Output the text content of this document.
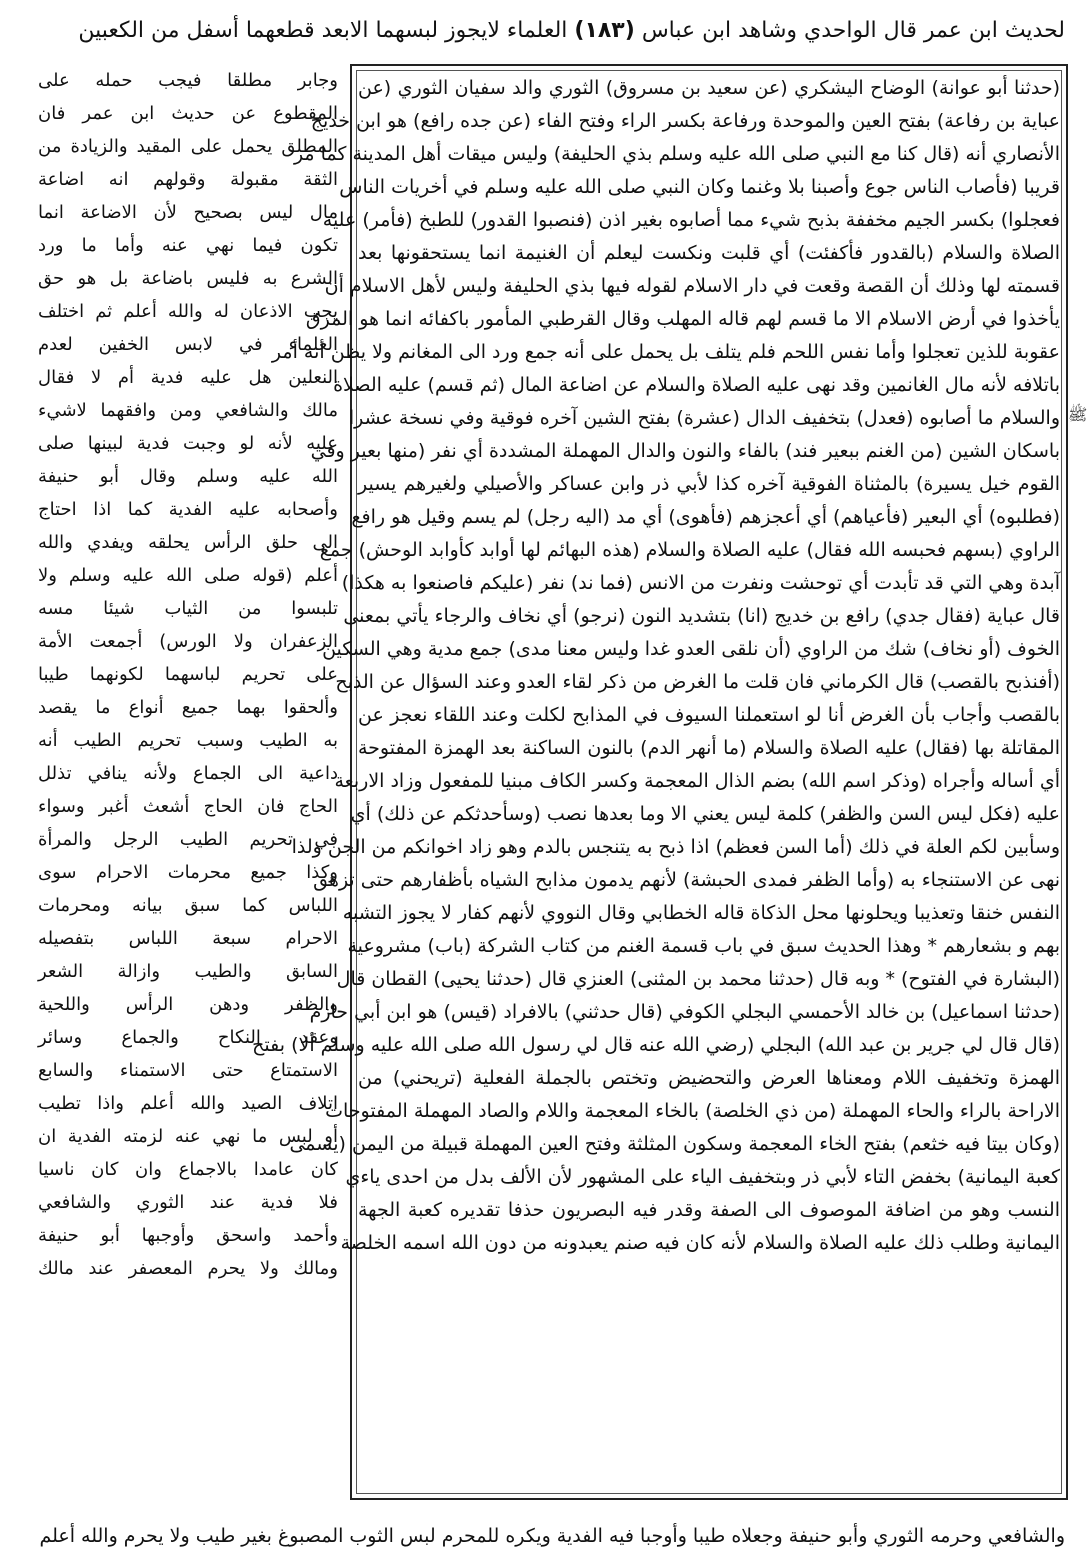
لحديث ابن عمر قال الواحدي وشاهد ابن عباس (١٨٣) العلماء لايجوز لبسهما الابعد قطعهما أسفل من الكعبين
(حدثنا أبو عوانة) الوضاح اليشكري (عن سعيد بن مسروق) الثوري والد سفيان الثوري (عن
عباية بن رفاعة) بفتح العين والموحدة ورفاعة بكسر الراء وفتح الفاء (عن جده رافع) هو ابن خديج
الأنصاري أنه (قال كنا مع النبي صلى الله عليه وسلم بذي الحليفة) وليس ميقات أهل المدينة كما مر
قريبا (فأصاب الناس جوع وأصبنا بلا وغنما وكان النبي صلى الله عليه وسلم في أخريات الناس
فعجلوا) بكسر الجيم مخففة بذبح شيء مما أصابوه بغير اذن (فنصبوا القدور) للطبخ (فأمر) عليه
الصلاة والسلام (بالقدور فأكفئت) أي قلبت ونكست ليعلم أن الغنيمة انما يستحقونها بعد
قسمته لها وذلك أن القصة وقعت في دار الاسلام لقوله فيها بذي الحليفة وليس لأهل الاسلام أن
يأخذوا في أرض الاسلام الا ما قسم لهم قاله المهلب وقال القرطبي المأمور باكفائه انما هو المرق
عقوبة للذين تعجلوا وأما نفس اللحم فلم يتلف بل يحمل على أنه جمع ورد الى المغانم ولا يظن أنه أمر
باتلافه لأنه مال الغانمين وقد نهى عليه الصلاة والسلام عن اضاعة المال (ثم قسم) عليه الصلاة
والسلام ما أصابوه (فعدل) بتخفيف الدال (عشرة) بفتح الشين آخره فوقية وفي نسخة عشرا
باسكان الشين (من الغنم ببعير فند) بالفاء والنون والدال المهملة المشددة أي نفر (منها بعير وفي
القوم خيل يسيرة) بالمثناة الفوقية آخره كذا لأبي ذر وابن عساكر والأصيلي ولغيرهم يسير
(فطلبوه) أي البعير (فأعياهم) أي أعجزهم (فأهوى) أي مد (اليه رجل) لم يسم وقيل هو رافع
الراوي (بسهم فحبسه الله فقال) عليه الصلاة والسلام (هذه البهائم لها أوابد كأوابد الوحش) جمع
آبدة وهي التي قد تأبدت أي توحشت ونفرت من الانس (فما ند) نفر (عليكم فاصنعوا به هكذا)
قال عباية (فقال جدي) رافع بن خديج (انا) بتشديد النون (نرجو) أي نخاف والرجاء يأتي بمعنى
الخوف (أو نخاف) شك من الراوي (أن نلقى العدو غدا وليس معنا مدى) جمع مدية وهي السكين
(أفنذبح بالقصب) قال الكرماني فان قلت ما الغرض من ذكر لقاء العدو وعند السؤال عن الذبح
بالقصب وأجاب بأن الغرض أنا لو استعملنا السيوف في المذابح لكلت وعند اللقاء نعجز عن
المقاتلة بها (فقال) عليه الصلاة والسلام (ما أنهر الدم) بالنون الساكنة بعد الهمزة المفتوحة
أي أساله وأجراه (وذكر اسم الله) بضم الذال المعجمة وكسر الكاف مبنيا للمفعول وزاد الاربعة
عليه (فكل ليس السن والظفر) كلمة ليس يعني الا وما بعدها نصب (وسأحدثكم عن ذلك) أي
وسأبين لكم العلة في ذلك (أما السن فعظم) اذا ذبح به يتنجس بالدم وهو زاد اخوانكم من الجن ولذا
نهى عن الاستنجاء به (وأما الظفر فمدى الحبشة) لأنهم يدمون مذابح الشياه بأظفارهم حتى تزهق
النفس خنقا وتعذيبا ويحلونها محل الذكاة قاله الخطابي وقال النووي لأنهم كفار لا يجوز التشبه
بهم و بشعارهم * وهذا الحديث سبق في باب قسمة الغنم من كتاب الشركة (باب) مشروعية
(البشارة في الفتوح) * وبه قال (حدثنا محمد بن المثنى) العنزي قال (حدثنا يحيى) القطان قال
(حدثنا اسماعيل) بن خالد الأحمسي البجلي الكوفي (قال حدثني) بالافراد (قيس) هو ابن أبي حازم
(قال قال لي جرير بن عبد الله) البجلي (رضي الله عنه قال لي رسول الله صلى الله عليه وسلم ألا) بفتح
الهمزة وتخفيف اللام ومعناها العرض والتحضيض وتختص بالجملة الفعلية (تريحني) من
الاراحة بالراء والحاء المهملة (من ذي الخلصة) بالخاء المعجمة واللام والصاد المهملة المفتوحات
(وكان بيتا فيه خثعم) بفتح الخاء المعجمة وسكون المثلثة وفتح العين المهملة قبيلة من اليمن (يسمى
كعبة اليمانية) بخفض التاء لأبي ذر وبتخفيف الياء على المشهور لأن الألف بدل من احدى ياءي
النسب وهو من اضافة الموصوف الى الصفة وقدر فيه البصريون حذفا تقديره كعبة الجهة
اليمانية وطلب ذلك عليه الصلاة والسلام لأنه كان فيه صنم يعبدونه من دون الله اسمه الخلصة
وجابر مطلقا فيجب حمله على
المقطوع عن حديث ابن عمر فان
المطلق يحمل على المقيد والزيادة من
الثقة مقبولة وقولهم انه اضاعة
مال ليس بصحيح لأن الاضاعة انما
تكون فيما نهي عنه وأما ما ورد
الشرع به فليس باضاعة بل هو حق
يجب الاذعان له والله أعلم ثم اختلف
العلماء في لابس الخفين لعدم
النعلين هل عليه فدية أم لا فقال
مالك والشافعي ومن وافقهما لاشيء
عليه لأنه لو وجبت فدية لبينها صلى
الله عليه وسلم وقال أبو حنيفة
وأصحابه عليه الفدية كما اذا احتاج
الى حلق الرأس يحلقه ويفدي والله
أعلم (قوله صلى الله عليه وسلم ولا
تلبسوا من الثياب شيئا مسه
الزعفران ولا الورس) أجمعت الأمة
على تحريم لباسهما لكونهما طيبا
وألحقوا بهما جميع أنواع ما يقصد
به الطيب وسبب تحريم الطيب أنه
داعية الى الجماع ولأنه ينافي تذلل
الحاج فان الحاج أشعث أغبر وسواء
في تحريم الطيب الرجل والمرأة
وكذا جميع محرمات الاحرام سوى
اللباس كما سبق بيانه ومحرمات
الاحرام سبعة اللباس بتفصيله
السابق والطيب وازالة الشعر
والظفر ودهن الرأس واللحية
وعقد النكاح والجماع وسائر
الاستمتاع حتى الاستمناء والسابع
اتلاف الصيد والله أعلم واذا تطيب
أو لبس ما نهي عنه لزمته الفدية ان
كان عامدا بالاجماع وان كان ناسيا
فلا فدية عند الثوري والشافعي
وأحمد واسحق وأوجبها أبو حنيفة
ومالك ولا يحرم المعصفر عند مالك
ﷺ
والشافعي وحرمه الثوري وأبو حنيفة وجعلاه طيبا وأوجبا فيه الفدية ويكره للمحرم لبس الثوب المصبوغ بغير طيب ولا يحرم والله أعلم
